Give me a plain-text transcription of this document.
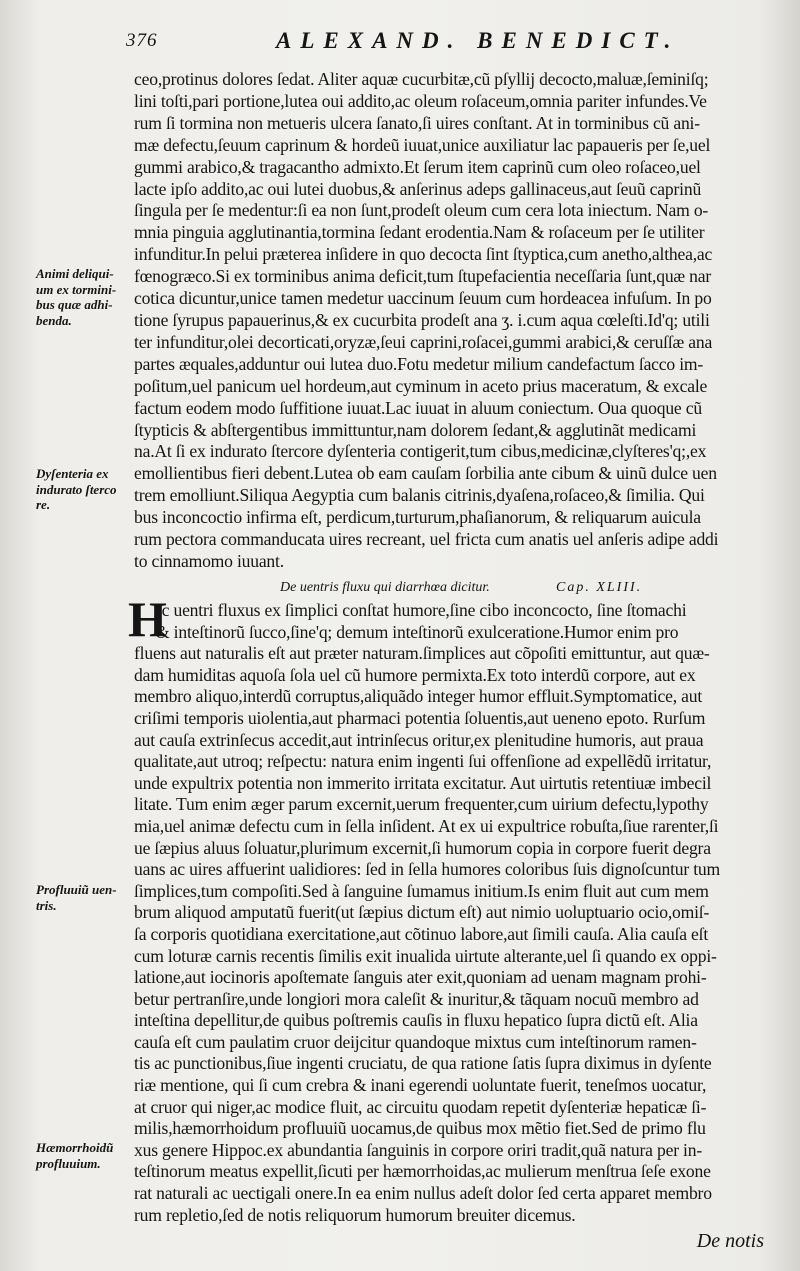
376	ALEXAND. BENEDICT.
ceo,protinus dolores ſedat. Aliter aquæ cucurbitæ,cũ pſyllij decocto,maluæ,ſeminiſq;
lini toſti,pari portione,lutea oui addito,ac oleum roſaceum,omnia pariter infundes.Ve
rum ſi tormina non metueris ulcera ſanato,ſi uires conſtant. At in torminibus cũ ani-
mæ defectu,ſeuum caprinum & hordeũ iuuat,unice auxiliatur lac papaueris per ſe,uel
gummi arabico,& tragacantho admixto.Et ſerum item caprinũ cum oleo roſaceo,uel
lacte ipſo addito,ac oui lutei duobus,& anſerinus adeps gallinaceus,aut ſeuũ caprinũ
ſingula per ſe medentur:ſi ea non ſunt,prodeſt oleum cum cera lota iniectum. Nam o-
mnia pinguia agglutinantia,tormina ſedant erodentia.Nam & roſaceum per ſe utiliter
infunditur.In pelui præterea inſidere in quo decocta ſint ſtyptica,cum anetho,althea,ac
fœnogræco.Si ex torminibus anima deficit,tum ſtupefacientia neceſſaria ſunt,quæ nar
cotica dicuntur,unice tamen medetur uaccinum ſeuum cum hordeacea infuſum. In po
tione ſyrupus papauerinus,& ex cucurbita prodeſt ana ʒ. i.cum aqua cœleſti.Id'q; utili
ter infunditur,olei decorticati,oryzæ,ſeui caprini,roſacei,gummi arabici,& ceruſſæ ana
partes æquales,adduntur oui lutea duo.Fotu medetur milium candefactum ſacco im-
poſitum,uel panicum uel hordeum,aut cyminum in aceto prius maceratum, & excale
factum eodem modo ſuffitione iuuat.Lac iuuat in aluum coniectum. Oua quoque cũ
ſtypticis & abſtergentibus immittuntur,nam dolorem ſedant,& agglutinãt medicami
na.At ſi ex indurato ſtercore dyſenteria contigerit,tum cibus,medicinæ,clyſteres'q;,ex
emollientibus fieri debent.Lutea ob eam cauſam ſorbilia ante cibum & uinũ dulce uen
trem emolliunt.Siliqua Aegyptia cum balanis citrinis,dyaſena,roſaceo,& ſimilia. Qui
bus inconcoctio infirma eſt, perdicum,turturum,phaſianorum, & reliquarum auicula
rum pectora commanducata uires recreant, uel fricta cum anatis uel anſeris adipe addi
to cinnamomo iuuant.
De uentris fluxu qui diarrhœa dicitur.	Cap. XLIII.
H
Ic uentri fluxus ex ſimplici conſtat humore,ſine cibo inconcocto, ſine ſtomachi
& inteſtinorũ ſucco,ſine'q; demum inteſtinorũ exulceratione.Humor enim pro
fluens aut naturalis eſt aut præter naturam.ſimplices aut cõpoſiti emittuntur, aut quæ-
dam humiditas aquoſa ſola uel cũ humore permixta.Ex toto interdũ corpore, aut ex
membro aliquo,interdũ corruptus,aliquãdo integer humor effluit.Symptomatice, aut
criſimi temporis uiolentia,aut pharmaci potentia ſoluentis,aut ueneno epoto. Rurſum
aut cauſa extrinſecus accedit,aut intrinſecus oritur,ex plenitudine humoris, aut praua
qualitate,aut utroq; reſpectu: natura enim ingenti ſui offenſione ad expellẽdũ irritatur,
unde expultrix potentia non immerito irritata excitatur. Aut uirtutis retentiuæ imbecil
litate. Tum enim æger parum excernit,uerum frequenter,cum uirium defectu,lypothy
mia,uel animæ defectu cum in ſella inſident. At ex ui expultrice robuſta,ſiue rarenter,ſi
ue ſæpius aluus ſoluatur,plurimum excernit,ſi humorum copia in corpore fuerit degra
uans ac uires affuerint ualidiores: ſed in ſella humores coloribus ſuis dignoſcuntur tum
ſimplices,tum compoſiti.Sed à ſanguine ſumamus initium.Is enim fluit aut cum mem
brum aliquod amputatũ fuerit(ut ſæpius dictum eſt) aut nimio uoluptuario ocio,omiſ-
ſa corporis quotidiana exercitatione,aut cõtinuo labore,aut ſimili cauſa. Alia cauſa eſt
cum loturæ carnis recentis ſimilis exit inualida uirtute alterante,uel ſi quando ex oppi-
latione,aut iocinoris apoſtemate ſanguis ater exit,quoniam ad uenam magnam prohi-
betur pertranſire,unde longiori mora caleſit & inuritur,& tãquam nocuũ membro ad
inteſtina depellitur,de quibus poſtremis cauſis in fluxu hepatico ſupra dictũ eſt. Alia
cauſa eſt cum paulatim cruor deijcitur quandoque mixtus cum inteſtinorum ramen-
tis ac punctionibus,ſiue ingenti cruciatu, de qua ratione ſatis ſupra diximus in dyſente
riæ mentione, qui ſi cum crebra & inani egerendi uoluntate fuerit, teneſmos uocatur,
at cruor qui niger,ac modice fluit, ac circuitu quodam repetit dyſenteriæ hepaticæ ſi-
milis,hæmorrhoidum profluuiũ uocamus,de quibus mox mẽtio fiet.Sed de primo flu
xus genere Hippoc.ex abundantia ſanguinis in corpore oriri tradit,quã natura per in-
teſtinorum meatus expellit,ſicuti per hæmorrhoidas,ac mulierum menſtrua ſeſe exone
rat naturali ac uectigali onere.In ea enim nullus adeſt dolor ſed certa apparet membro
rum repletio,ſed de notis reliquorum humorum breuiter dicemus.
Animi deliqui-
um ex tormini-
bus quæ adhi-
benda.
Dyſenteria ex
indurato ſterco
re.
Profluuiũ uen-
tris.
Hæmorrhoidũ
profluuium.
De notis
